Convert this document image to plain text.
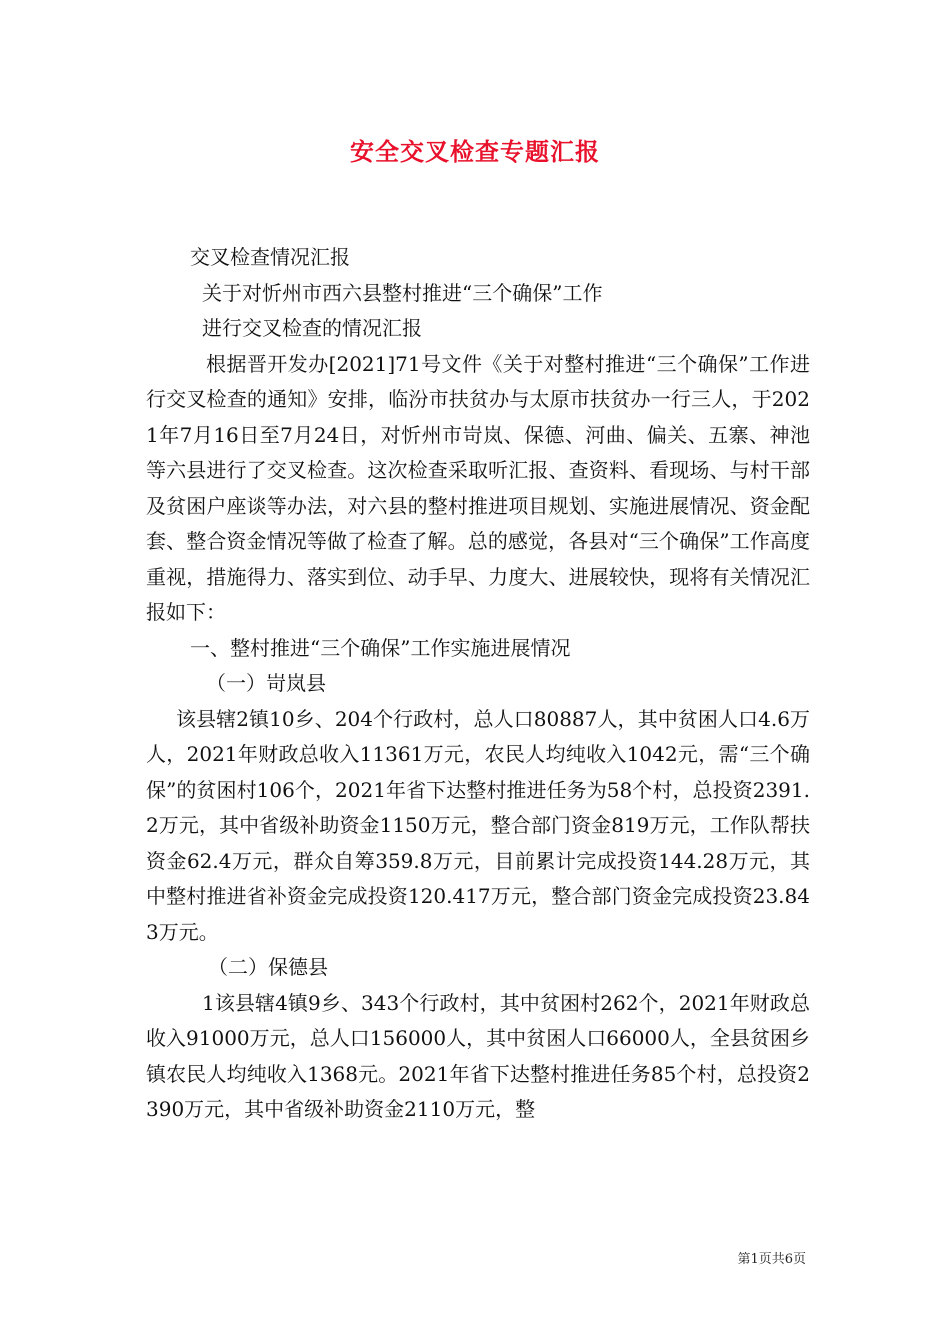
安全交叉检查专题汇报
交叉检查情况汇报
关于对忻州市西六县整村推进“三个确保”工作
进行交叉检查的情况汇报

根据晋开发办[2021]71号文件《关于对整村推进“三个确保”工作进行交叉检查的通知》安排，临汾市扶贫办与太原市扶贫办一行三人，于2021年7月16日至7月24日，对忻州市岢岚、保德、河曲、偏关、五寨、神池等六县进行了交叉检查。这次检查采取听汇报、查资料、看现场、与村干部及贫困户座谈等办法，对六县的整村推进项目规划、实施进展情况、资金配套、整合资金情况等做了检查了解。总的感觉，各县对“三个确保”工作高度重视，措施得力、落实到位、动手早、力度大、进展较快，现将有关情况汇报如下：

一、整村推进“三个确保”工作实施进展情况
（一）岢岚县

该县辖2镇10乡、204个行政村，总人口80887人，其中贫困人口4.6万人，2021年财政总收入11361万元，农民人均纯收入1042元，需“三个确保”的贫困村106个，2021年省下达整村推进任务为58个村，总投资2391.2万元，其中省级补助资金1150万元，整合部门资金819万元，工作队帮扶资金62.4万元，群众自筹359.8万元，目前累计完成投资144.28万元，其中整村推进省补资金完成投资120.417万元，整合部门资金完成投资23.843万元。

（二）保德县

1该县辖4镇9乡、343个行政村，其中贫困村262个，2021年财政总收入91000万元，总人口156000人，其中贫困人口66000人，全县贫困乡镇农民人均纯收入1368元。2021年省下达整村推进任务85个村，总投资2390万元，其中省级补助资金2110万元，整

第1页共6页
